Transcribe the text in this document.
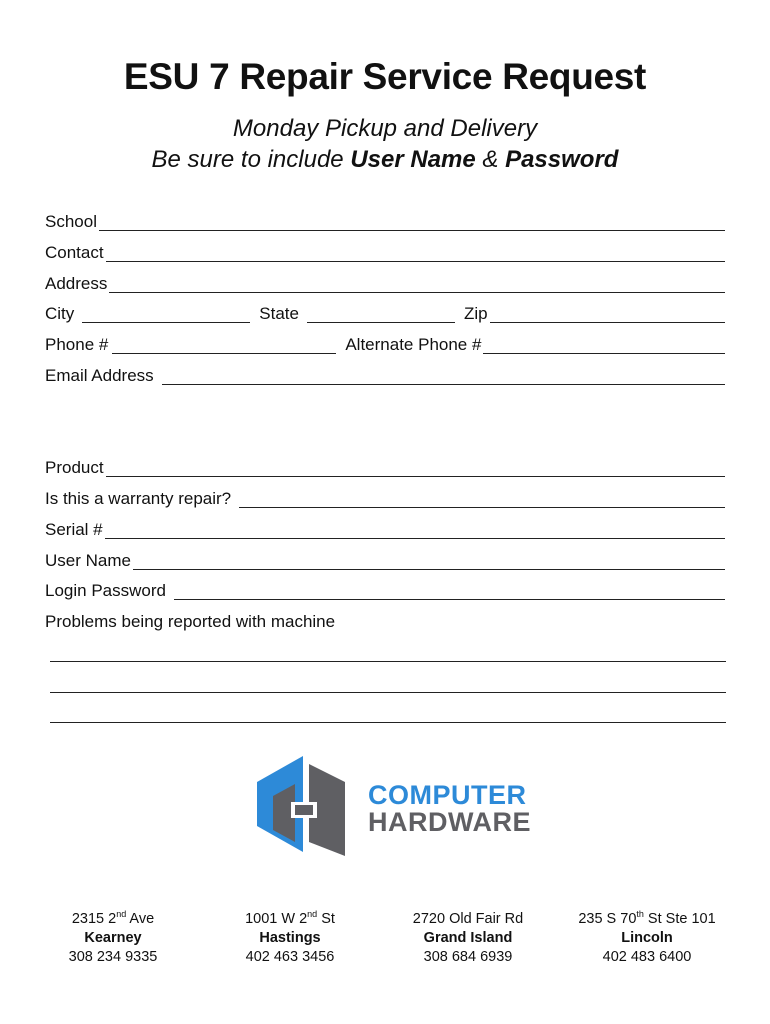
ESU 7 Repair Service Request

Monday Pickup and Delivery

Be sure to include User Name & Password

School
Contact
Address
City	State	Zip
Phone #	Alternate Phone #
Email Address
Product
Is this a warranty repair?
Serial #
User Name
Login Password
Problems being reported with machine
COMPUTER
HARDWARE
2315 2nd Ave
Kearney
308 234 9335
1001 W 2nd St
Hastings
402 463 3456
2720 Old Fair Rd
Grand Island
308 684 6939
235 S 70th St Ste 101
Lincoln
402 483 6400
